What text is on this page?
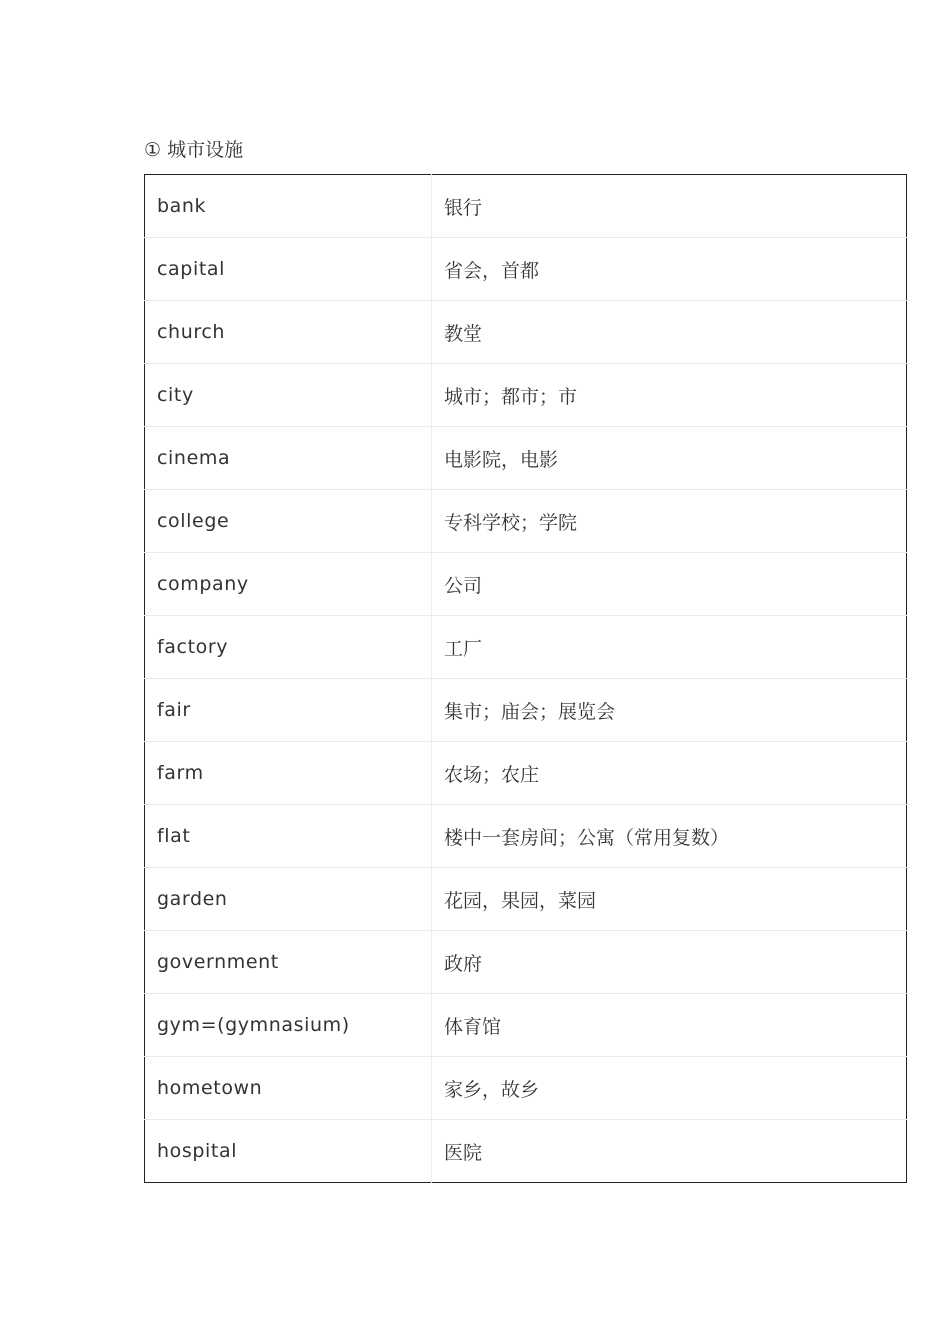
① 城市设施
bank	银行
capital	省会，首都
church	教堂
city	城市；都市；市
cinema	电影院，电影
college	专科学校；学院
company	公司
factory	工厂
fair	集市；庙会；展览会
farm	农场；农庄
flat	楼中一套房间；公寓（常用复数）
garden	花园，果园，菜园
government	政府
gym=(gymnasium)	体育馆
hometown	家乡，故乡
hospital	医院
